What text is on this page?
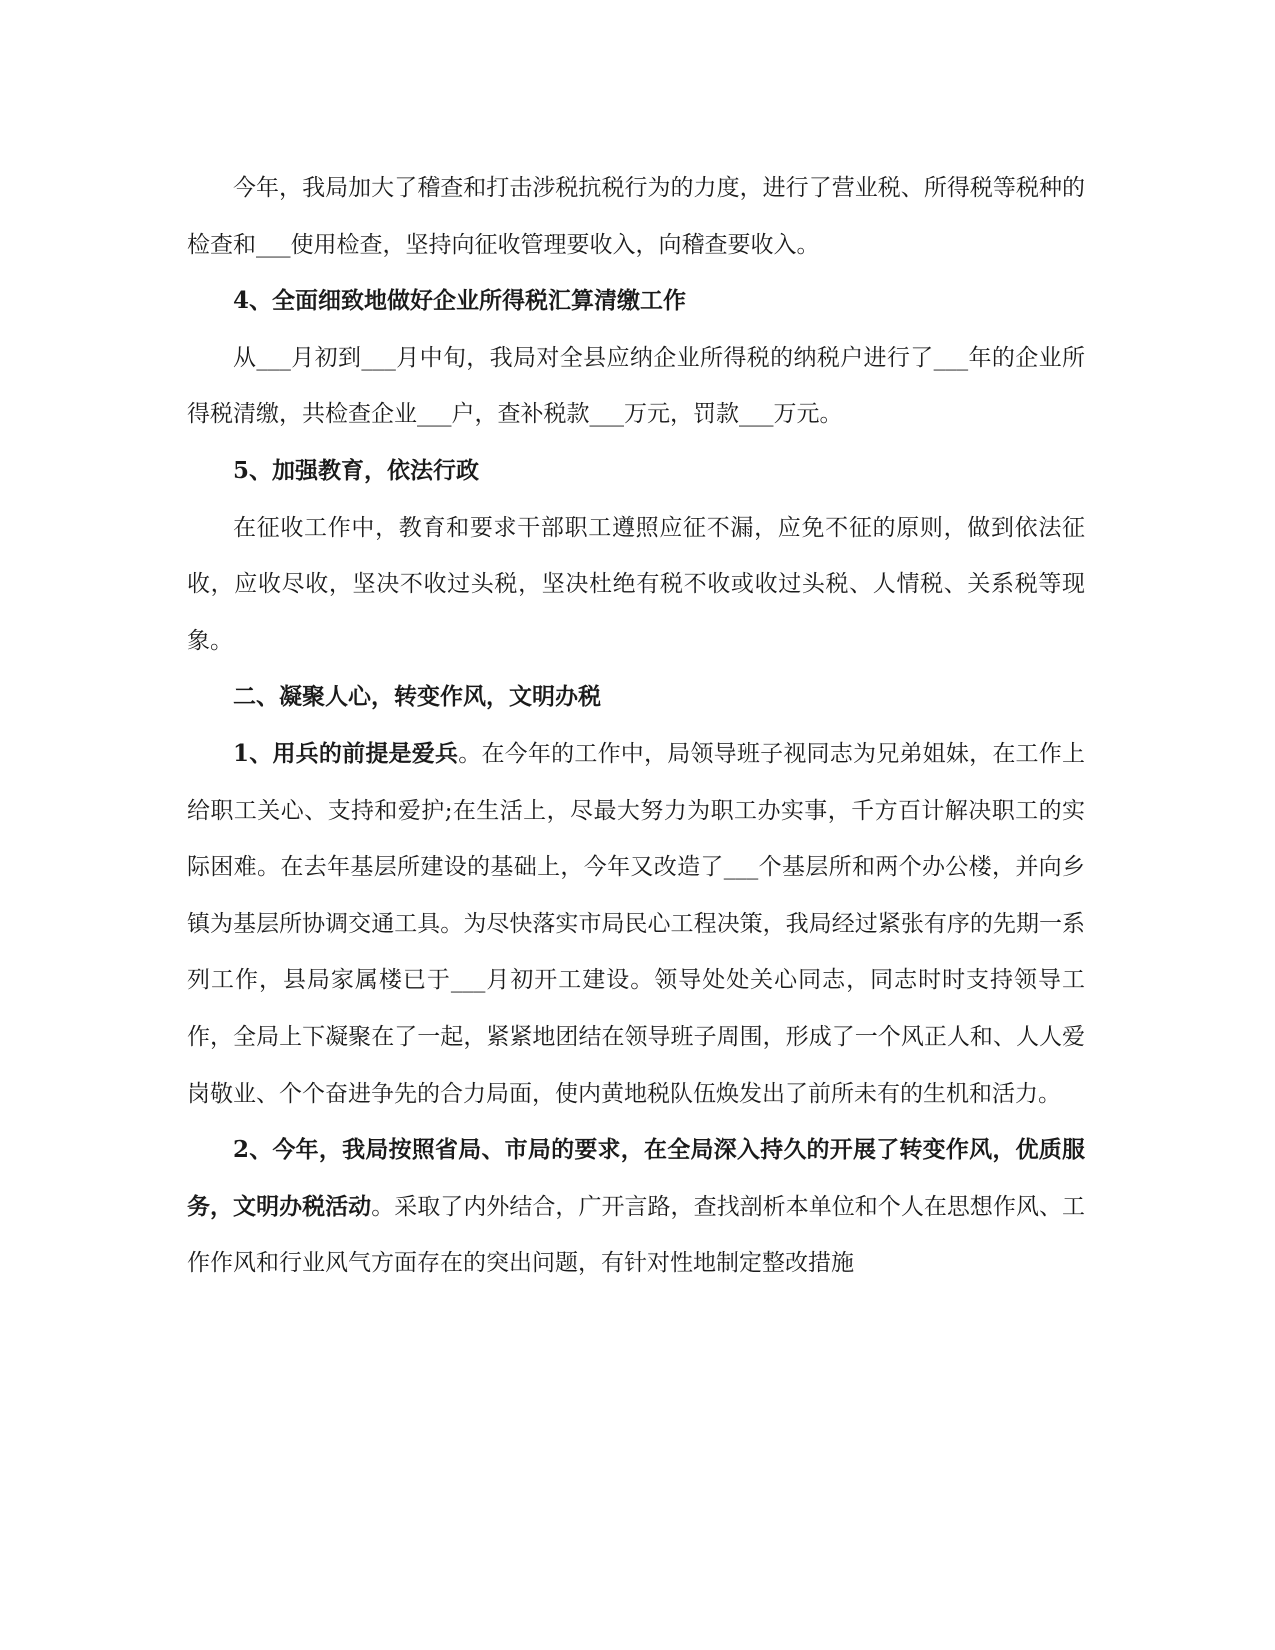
今年，我局加大了稽查和打击涉税抗税行为的力度，进行了营业税、所得税等税种的检查和___使用检查，坚持向征收管理要收入，向稽查要收入。

4、全面细致地做好企业所得税汇算清缴工作

从___月初到___月中旬，我局对全县应纳企业所得税的纳税户进行了___年的企业所得税清缴，共检查企业___户，查补税款___万元，罚款___万元。

5、加强教育，依法行政

在征收工作中，教育和要求干部职工遵照应征不漏，应免不征的原则，做到依法征收，应收尽收，坚决不收过头税，坚决杜绝有税不收或收过头税、人情税、关系税等现象。

二、凝聚人心，转变作风，文明办税

1、用兵的前提是爱兵。在今年的工作中，局领导班子视同志为兄弟姐妹，在工作上给职工关心、支持和爱护;在生活上，尽最大努力为职工办实事，千方百计解决职工的实际困难。在去年基层所建设的基础上，今年又改造了___个基层所和两个办公楼，并向乡镇为基层所协调交通工具。为尽快落实市局民心工程决策，我局经过紧张有序的先期一系列工作，县局家属楼已于___月初开工建设。领导处处关心同志，同志时时支持领导工作，全局上下凝聚在了一起，紧紧地团结在领导班子周围，形成了一个风正人和、人人爱岗敬业、个个奋进争先的合力局面，使内黄地税队伍焕发出了前所未有的生机和活力。

2、今年，我局按照省局、市局的要求，在全局深入持久的开展了转变作风，优质服务，文明办税活动。采取了内外结合，广开言路，查找剖析本单位和个人在思想作风、工作作风和行业风气方面存在的突出问题，有针对性地制定整改措施
